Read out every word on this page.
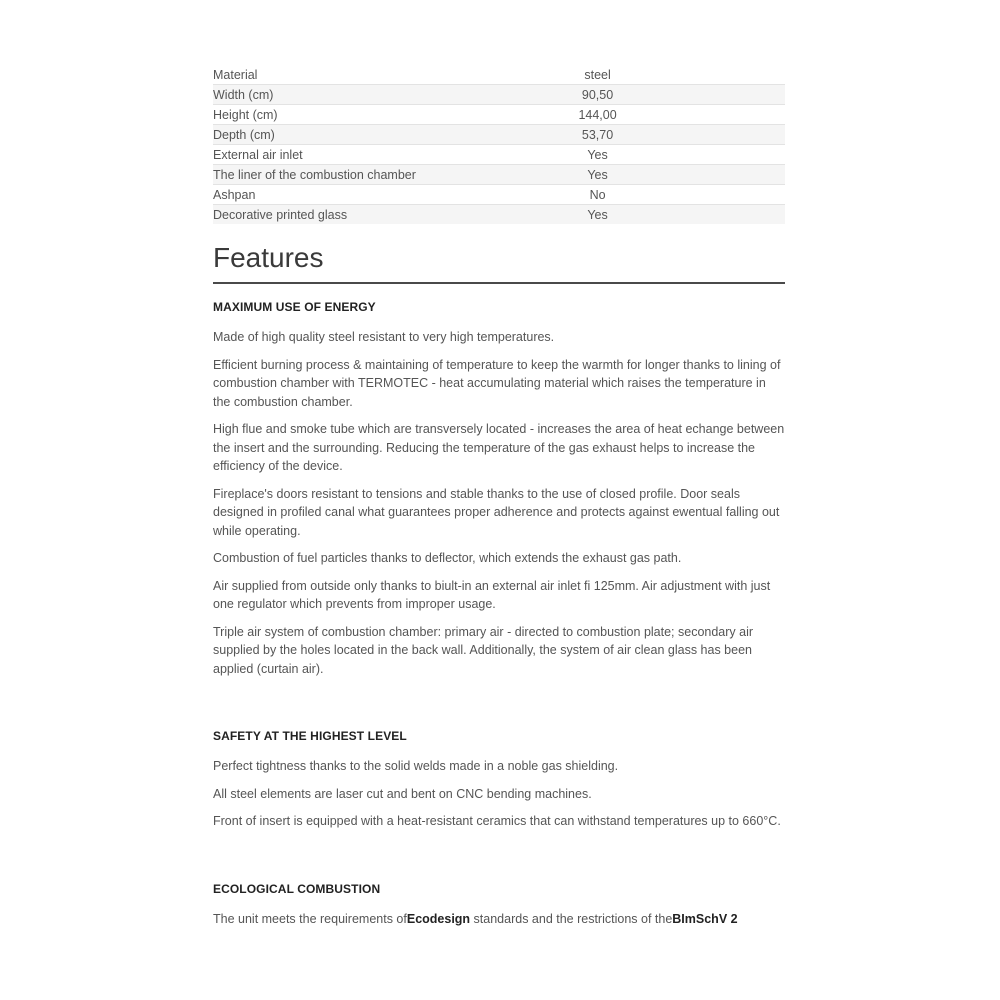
Material	steel
Width (cm)	90,50
Height (cm)	144,00
Depth (cm)	53,70
External air inlet	Yes
The liner of the combustion chamber	Yes
Ashpan	No
Decorative printed glass	Yes
Features
MAXIMUM USE OF ENERGY

Made of high quality steel resistant to very high temperatures.

Efficient burning process & maintaining of temperature to keep the warmth for longer thanks to lining of combustion chamber with TERMOTEC - heat accumulating material which raises the temperature in the combustion chamber.

High flue and smoke tube which are transversely located - increases the area of heat echange between the insert and the surrounding. Reducing the temperature of the gas exhaust helps to increase the efficiency of the device.

Fireplace's doors resistant to tensions and stable thanks to the use of closed profile. Door seals designed in profiled canal what guarantees proper adherence and protects against ewentual falling out while operating.

Combustion of fuel particles thanks to deflector, which extends the exhaust gas path.

Air supplied from outside only thanks to biult-in an external air inlet fi 125mm. Air adjustment with just one regulator which prevents from improper usage.

Triple air system of combustion chamber: primary air - directed to combustion plate; secondary air supplied by the holes located in the back wall. Additionally, the system of air clean glass has been applied (curtain air).

SAFETY AT THE HIGHEST LEVEL

Perfect tightness thanks to the solid welds made in a noble gas shielding.

All steel elements are laser cut and bent on CNC bending machines.

Front of insert is equipped with a heat-resistant ceramics that can withstand temperatures up to 660°C.

ECOLOGICAL COMBUSTION

The unit meets the requirements ofEcodesign standards and the restrictions of theBImSchV 2
